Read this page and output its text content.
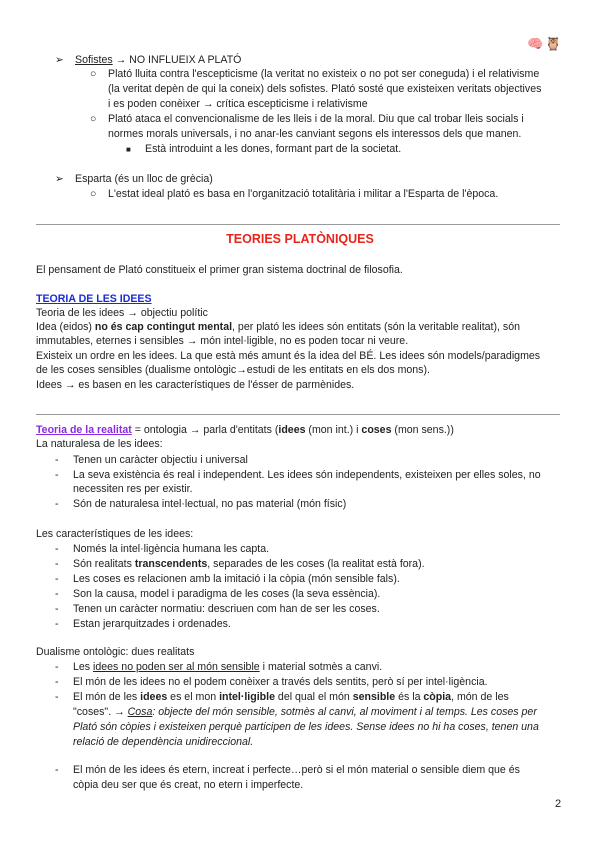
🧠 🦉
➢ Sofistes → NO INFLUEIX A PLATÓ
○ Plató lluita contra l'escepticisme (la veritat no existeix o no pot ser coneguda) i el relativisme
(la veritat depèn de qui la coneix) dels sofistes. Plató sosté que existeixen veritats objectives
i es poden conèixer → crítica escepticisme i relativisme
○ Plató ataca el convencionalisme de les lleis i de la moral. Diu que cal trobar lleis socials i
normes morals universals, i no anar-les canviant segons els interessos dels que manen.
■ Està introduint a les dones, formant part de la societat.
➢ Esparta (és un lloc de grècia)
○ L'estat ideal plató es basa en l'organització totalitària i militar a l'Esparta de l'època.
TEORIES PLATÒNIQUES
El pensament de Plató constitueix el primer gran sistema doctrinal de filosofia.
TEORIA DE LES IDEES
Teoria de les idees → objectiu polític
Idea (eidos) no és cap contingut mental, per plató les idees són entitats (són la veritable realitat), són
immutables, eternes i sensibles → món intel·ligible, no es poden tocar ni veure.
Existeix un ordre en les idees. La que està més amunt és la idea del BÉ. Les idees són models/paradigmes
de les coses sensibles (dualisme ontològic→estudi de les entitats en els dos mons).
Idees → es basen en les característiques de l'ésser de parmènides.
Teoria de la realitat = ontologia → parla d'entitats (idees (mon int.) i coses (mon sens.))
La naturalesa de les idees:
- Tenen un caràcter objectiu i universal
- La seva existència és real i independent. Les idees són independents, existeixen per elles soles, no
necessiten res per existir.
- Són de naturalesa intel·lectual, no pas material (món físic)
Les característiques de les idees:
- Només la intel·ligència humana les capta.
- Són realitats transcendents, separades de les coses (la realitat està fora).
- Les coses es relacionen amb la imitació i la còpia (món sensible fals).
- Son la causa, model i paradigma de les coses (la seva essència).
- Tenen un caràcter normatiu: descriuen com han de ser les coses.
- Estan jerarquitzades i ordenades.
Dualisme ontològic: dues realitats
- Les idees no poden ser al món sensible i material sotmès a canvi.
- El món de les idees no el podem conèixer a través dels sentits, però sí per intel·ligència.
- El món de les idees es el mon intel·ligible del qual el món sensible és la còpia, món de les
"coses". → Cosa: objecte del món sensible, sotmès al canvi, al moviment i al temps. Les coses per
Plató són còpies i existeixen perquè participen de les idees. Sense idees no hi ha coses, tenen una
relació de dependència unidireccional.
- El món de les idees és etern, increat i perfecte…però si el món material o sensible diem que és
còpia deu ser que és creat, no etern i imperfecte.
2
